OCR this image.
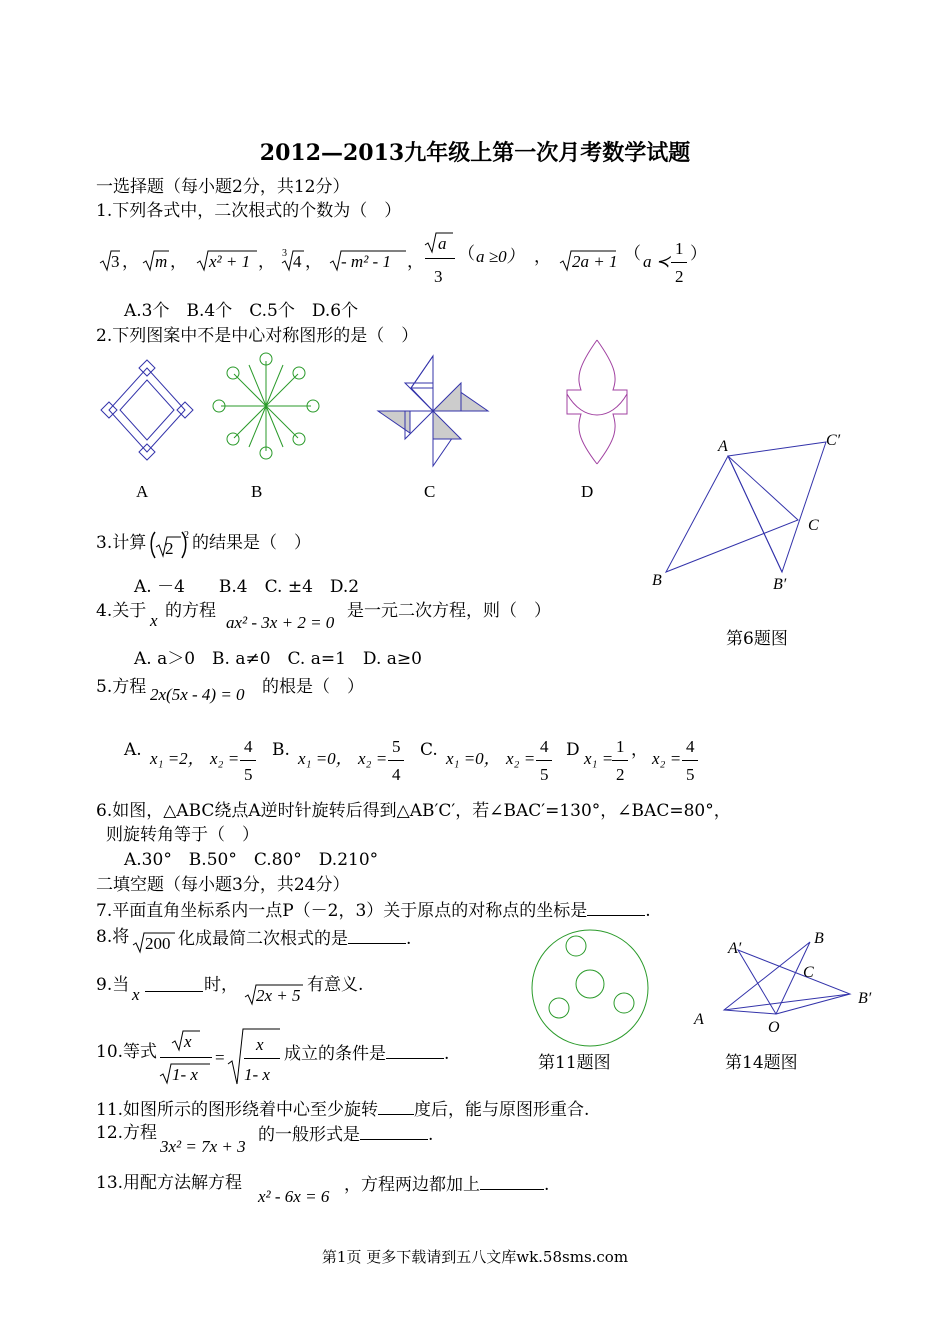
2012—2013九年级上第一次月考数学试题
一选择题（每小题2分，共12分）
1.下列各式中，二次根式的个数为（　）
3 ， m ， x² + 1 ， 3 4 ， - m² - 1 ，
a
3
（ a ≥0） ， 2a + 1 （ a ≺
1
2
）
A.3个　B.4个　C.5个　D.6个
2.下列图案中不是中心对称图形的是（　）
A	B	C	D
A	C′
C
B	B′
第6题图
3.计算 2
2 的结果是（　）
A. －4　　B.4　C. ±4　D.2
4.关于 x 的方程
ax² - 3x + 2 = 0
是一元二次方程，则（　）
A. a＞0　B. a≠0　C. a=1　D. a≥0
5.方程 2x(5x - 4) = 0 的根是（　）
A. x₁ =2， x₂ =
4
5
B. x₁ =0， x₂ =
5
4
C. x₁ =0， x₂ =
4
5
D x₁ =
1
2
， x₂ =
4
5
6.如图，△ABC绕点A逆时针旋转后得到△AB′C′，若∠BAC′=130°，∠BAC=80°，
则旋转角等于（　）
A.30°　B.50°　C.80°　D.210°
二填空题（每小题3分，共24分）
7.平面直角坐标系内一点P（－2，3）关于原点的对称点的坐标是	.
8.将 200 化成最简二次根式的是	.
9.当 x	时，
2x + 5
有意义.
10.等式
x
1- x
=
x
1- x
成立的条件是	.	第11题图
A′
B
C
B′
A	O
第14题图
11.如图所示的图形绕着中心至少旋转 度后，能与原图形重合.
12.方程
3x² = 7x + 3
的一般形式是	.
13.用配方法解方程
x² - 6x = 6
，方程两边都加上	.
第1页 更多下载请到五八文库wk.58sms.com
